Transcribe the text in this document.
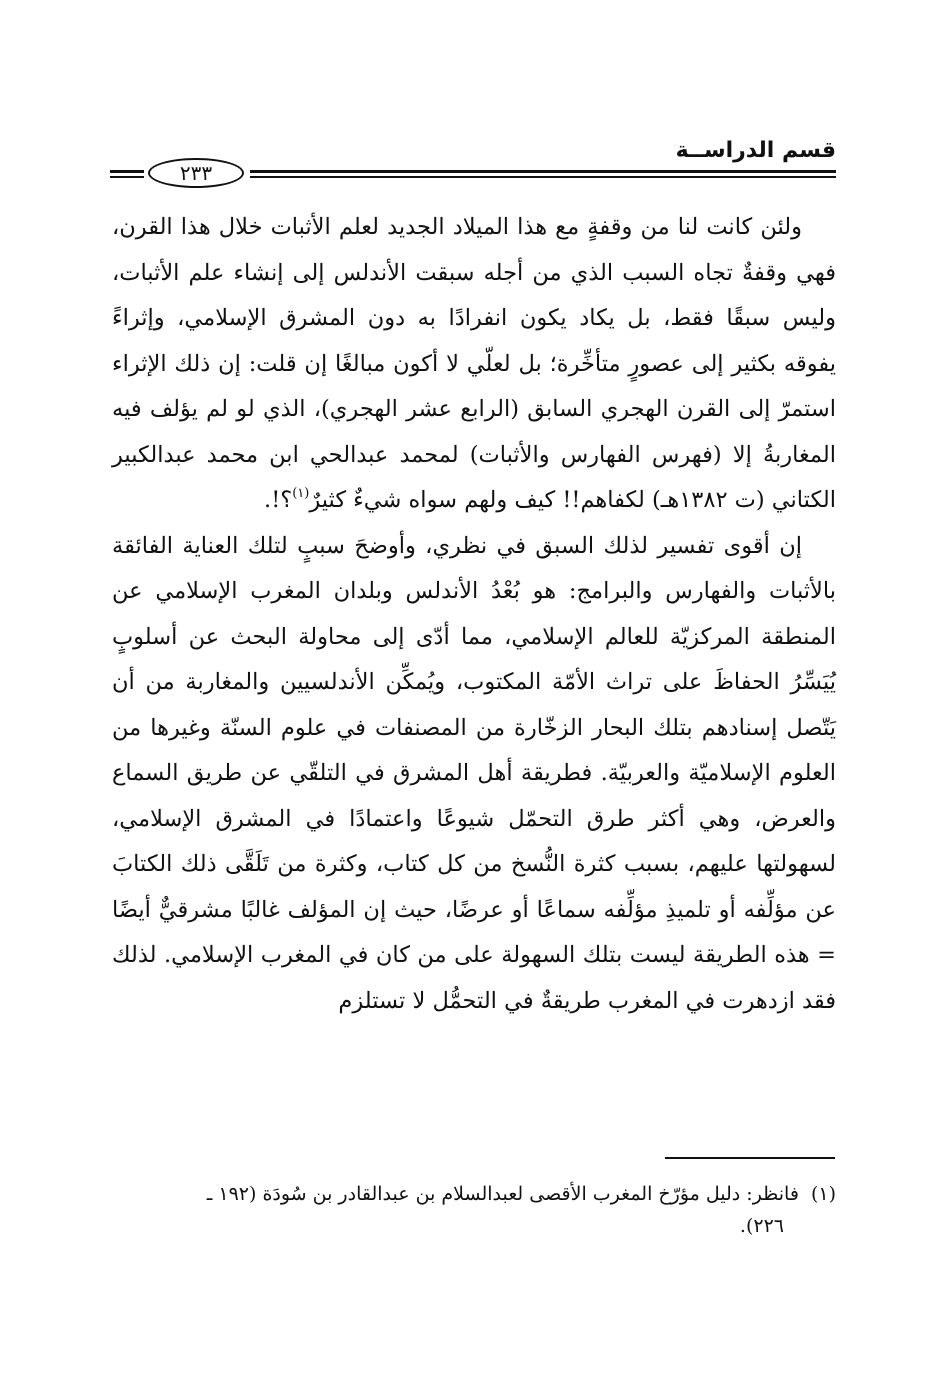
قسم الدراســة
٢٣٣

ولئن كانت لنا من وقفةٍ مع هذا الميلاد الجديد لعلم الأثبات خلال هذا القرن، فهي وقفةٌ تجاه السبب الذي من أجله سبقت الأندلس إلى إنشاء علم الأثبات، وليس سبقًا فقط، بل يكاد يكون انفرادًا به دون المشرق الإسلامي، وإثراءً يفوقه بكثير إلى عصورٍ متأخِّرة؛ بل لعلّي لا أكون مبالغًا إن قلت: إن ذلك الإثراء استمرّ إلى القرن الهجري السابق (الرابع عشر الهجري)، الذي لو لم يؤلف فيه المغاربةُ إلا (فهرس الفهارس والأثبات) لمحمد عبدالحي ابن محمد عبدالكبير الكتاني (ت ١٣٨٢هـ) لكفاهم!! كيف ولهم سواه شيءٌ كثيرٌ$^{(١)}$؟!.

إن أقوى تفسير لذلك السبق في نظري، وأوضحَ سببٍ لتلك العناية الفائقة بالأثبات والفهارس والبرامج: هو بُعْدُ الأندلس وبلدان المغرب الإسلامي عن المنطقة المركزيّة للعالم الإسلامي، مما أدّى إلى محاولة البحث عن أسلوبٍ يُيَسِّرُ الحفاظَ على تراث الأمّة المكتوب، ويُمكِّن الأندلسيين والمغاربة من أن يَتّصل إسنادهم بتلك البحار الزخّارة من المصنفات في علوم السنّة وغيرها من العلوم الإسلاميّة والعربيّة. فطريقة أهل المشرق في التلقّي عن طريق السماع والعرض، وهي أكثر طرق التحمّل شيوعًا واعتمادًا في المشرق الإسلامي، لسهولتها عليهم، بسبب كثرة النُّسخ من كل كتاب، وكثرة من تَلَقَّى ذلك الكتابَ عن مؤلِّفه أو تلميذِ مؤلِّفه سماعًا أو عرضًا، حيث إن المؤلف غالبًا مشرقيٌّ أيضًا = هذه الطريقة ليست بتلك السهولة على من كان في المغرب الإسلامي. لذلك فقد ازدهرت في المغرب طريقةٌ في التحمُّل لا تستلزم

(١)فانظر: دليل مؤرّخ المغرب الأقصى لعبدالسلام بن عبدالقادر بن سُودَة (١٩٢ ـ
٢٢٦).
